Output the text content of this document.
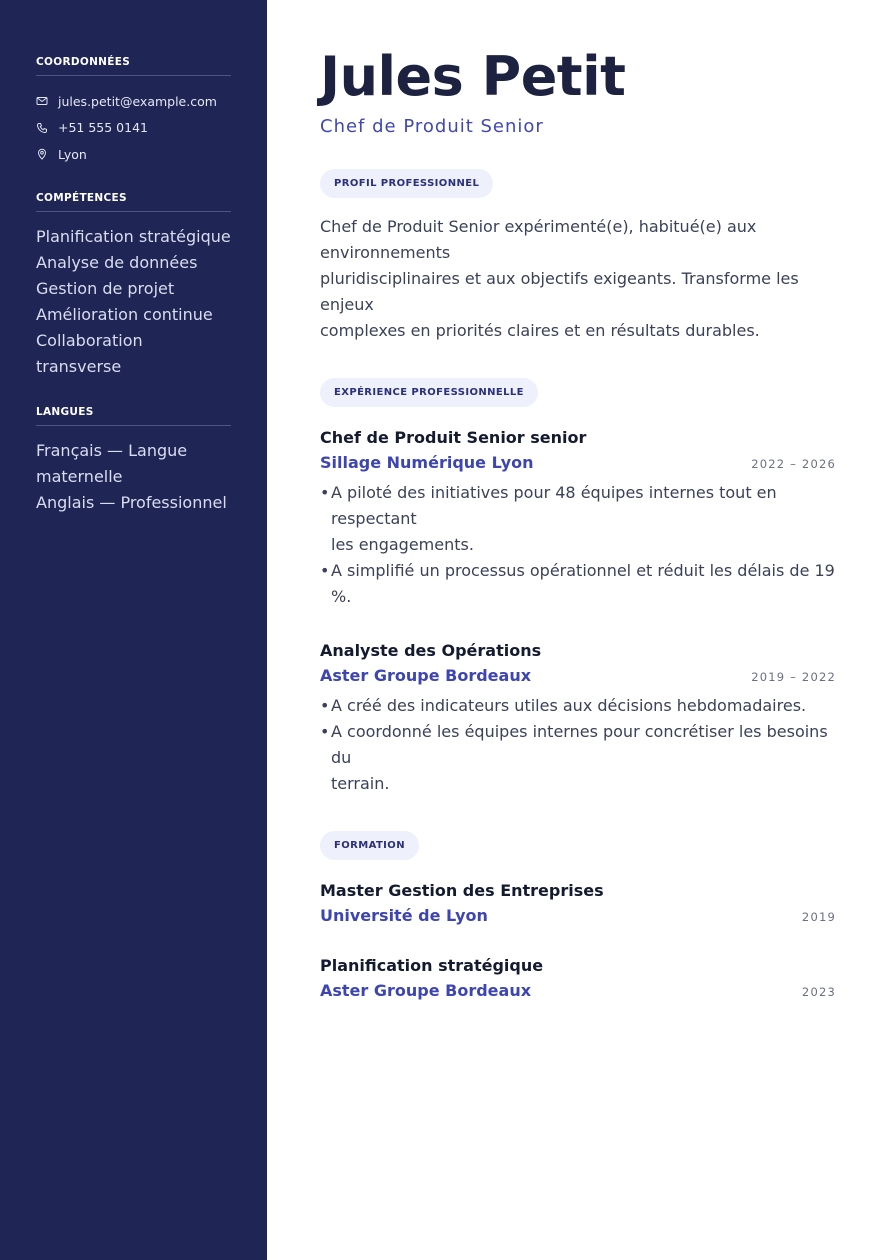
COORDONNÉES
jules.petit@example.com
+51 555 0141
Lyon
COMPÉTENCES
Planification stratégique
Analyse de données
Gestion de projet
Amélioration continue
Collaboration transverse
LANGUES
Français — Langue
maternelle
Anglais — Professionnel
Jules Petit
Chef de Produit Senior
PROFIL PROFESSIONNEL
Chef de Produit Senior expérimenté(e), habitué(e) aux environnements
pluridisciplinaires et aux objectifs exigeants. Transforme les enjeux
complexes en priorités claires et en résultats durables.
EXPÉRIENCE PROFESSIONNELLE
Chef de Produit Senior senior
Sillage Numérique Lyon	2022 – 2026
• A piloté des initiatives pour 48 équipes internes tout en respectant
les engagements.
• A simplifié un processus opérationnel et réduit les délais de 19 %.
Analyste des Opérations
Aster Groupe Bordeaux	2019 – 2022
• A créé des indicateurs utiles aux décisions hebdomadaires.
• A coordonné les équipes internes pour concrétiser les besoins du
terrain.
FORMATION
Master Gestion des Entreprises
Université de Lyon	2019
Planification stratégique
Aster Groupe Bordeaux	2023
